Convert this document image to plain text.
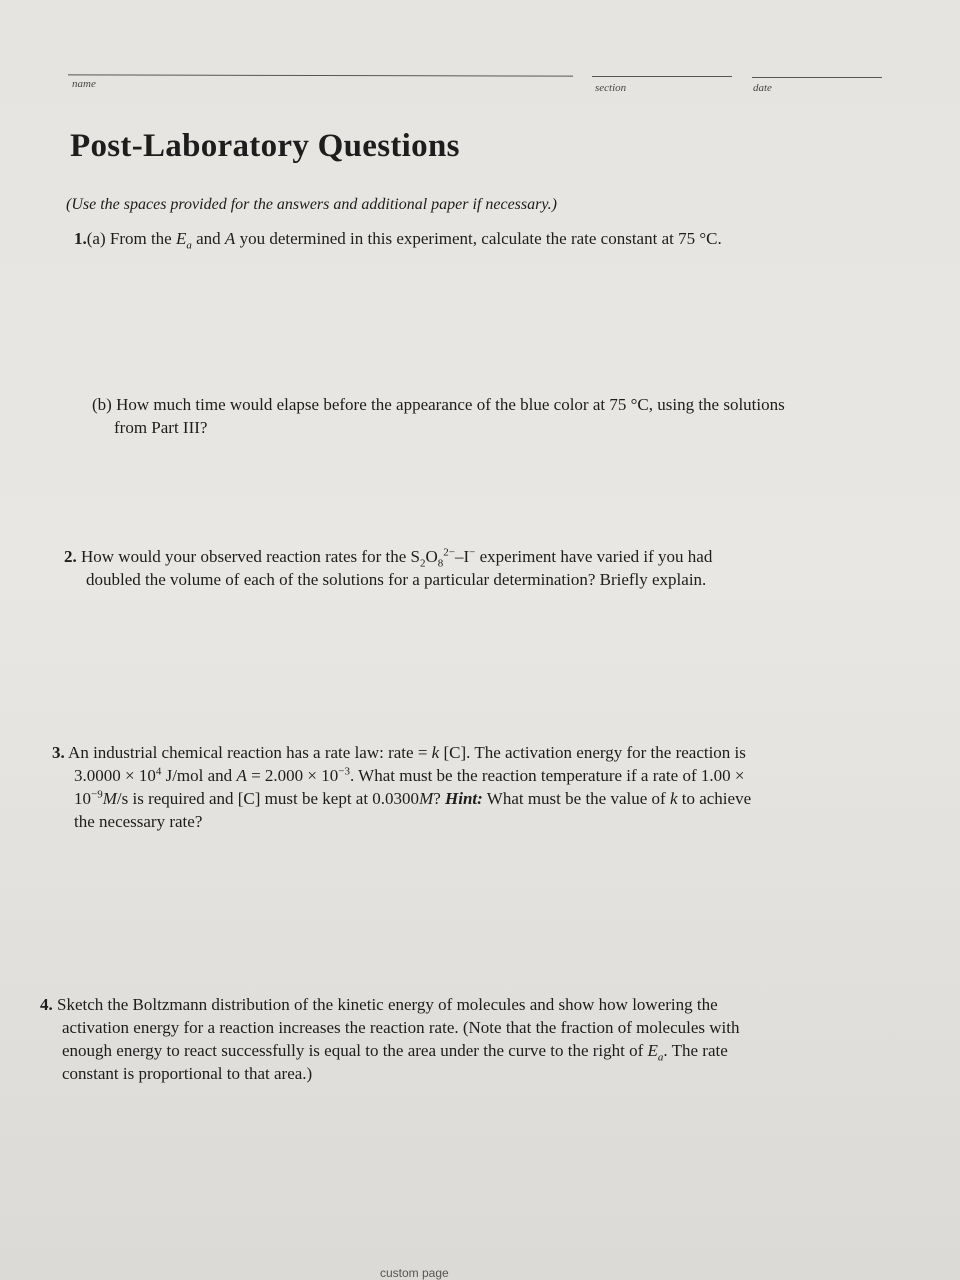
name	section	date
Post-Laboratory Questions
(Use the spaces provided for the answers and additional paper if necessary.)
1.(a) From the $E_a$ and A you determined in this experiment, calculate the rate constant at 75 °C.
(b) How much time would elapse before the appearance of the blue color at 75 °C, using the solutions
from Part III?
2. How would your observed reaction rates for the $S_2O_8^{2-}-I^-$ experiment have varied if you had
doubled the volume of each of the solutions for a particular determination? Briefly explain.
3. An industrial chemical reaction has a rate law: rate = k [C]. The activation energy for the reaction is
$3.0000 \times 10^4$ J/mol and $A = 2.000 \times 10^{-3}$. What must be the reaction temperature if a rate of 1.00 ×
$10^{-9}M/s$ is required and [C] must be kept at 0.0300M? Hint: What must be the value of k to achieve
the necessary rate?
4. Sketch the Boltzmann distribution of the kinetic energy of molecules and show how lowering the
activation energy for a reaction increases the reaction rate. (Note that the fraction of molecules with
enough energy to react successfully is equal to the area under the curve to the right of $E_a$. The rate
constant is proportional to that area.)
custom page
